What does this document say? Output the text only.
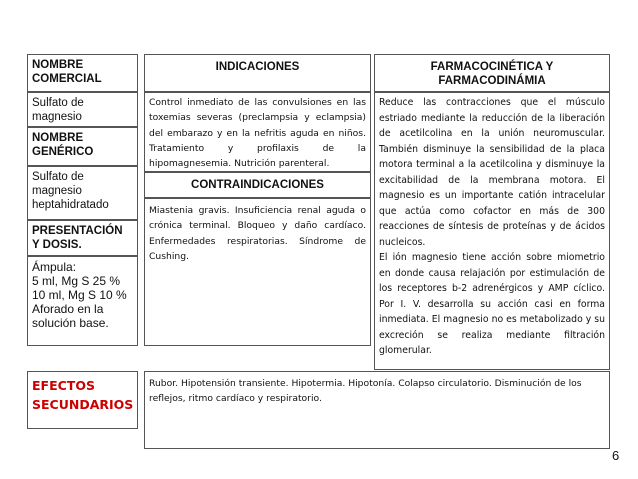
NOMBRE COMERCIAL
Sulfato de magnesio
NOMBRE GENÉRICO
Sulfato de magnesio heptahidratado
PRESENTACIÓN Y DOSIS.
Ámpula:
5 ml, Mg S 25 %
10 ml, Mg S 10 %
Aforado en la solución base.
EFECTOS SECUNDARIOS
INDICACIONES
Control inmediato de las convulsiones en las toxemias severas (preclampsia y eclampsia) del embarazo y en la nefritis aguda en niños. Tratamiento y profilaxis de la hipomagnesemia. Nutrición parenteral.
CONTRAINDICACIONES
Miastenia gravis. Insuficiencia renal aguda o crónica terminal. Bloqueo y daño cardíaco. Enfermedades respiratorias. Síndrome de Cushing.
FARMACOCINÉTICA Y
FARMACODINÁMIA
Reduce las contracciones que el músculo estriado mediante la reducción de la liberación de acetilcolina en la unión neuromuscular. También disminuye la sensibilidad de la placa motora terminal a la acetilcolina y disminuye la excitabilidad de la membrana motora. El magnesio es un importante catión intracelular que actúa como cofactor en más de 300 reacciones de síntesis de proteínas y de ácidos nucleicos.
El ión magnesio tiene acción sobre miometrio en donde causa relajación por estimulación de los receptores b-2 adrenérgicos y AMP cíclico. Por I. V. desarrolla su acción casi en forma inmediata. El magnesio no es metabolizado y su excreción se realiza mediante filtración glomerular.
Rubor. Hipotensión transiente. Hipotermia. Hipotonía. Colapso circulatorio. Disminución de los reflejos, ritmo cardíaco y respiratorio.
6
